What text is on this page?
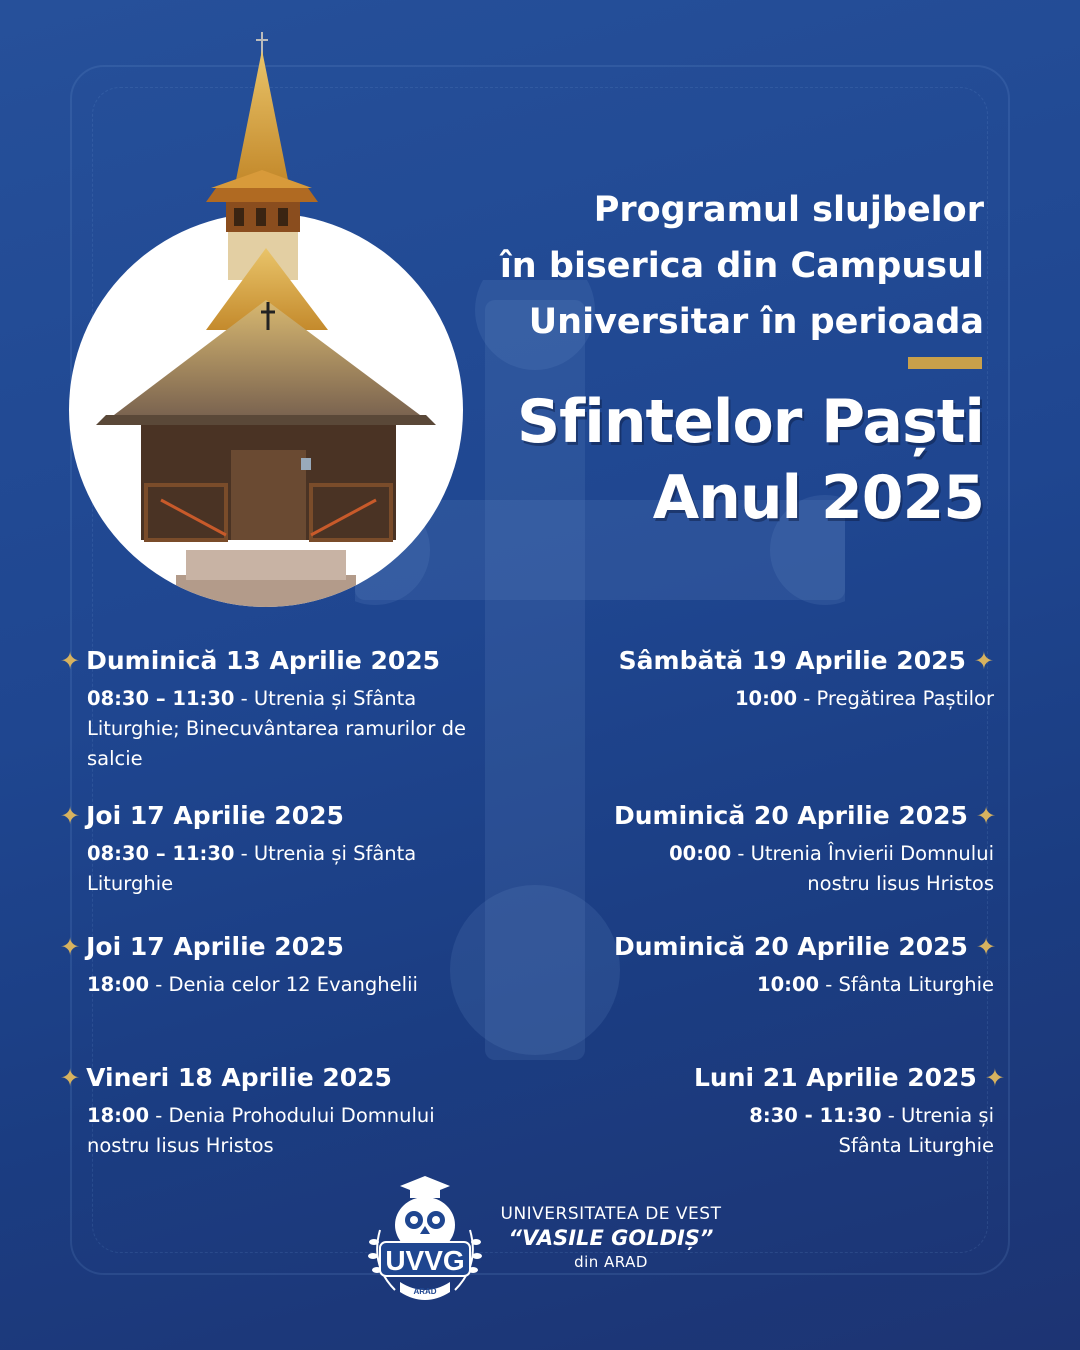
Programul slujbelor
în biserica din Campusul
Universitar în perioada
Sfintelor Paști
Anul 2025
✦ Duminică 13 Aprilie 2025
08:30 – 11:30 - Utrenia și Sfânta Liturghie; Binecuvântarea ramurilor de salcie
✦ Joi 17 Aprilie 2025
08:30 – 11:30 - Utrenia și Sfânta Liturghie
✦ Joi 17 Aprilie 2025
18:00 - Denia celor 12 Evanghelii
✦ Vineri 18 Aprilie 2025
18:00 - Denia Prohodului Domnului nostru Iisus Hristos
Sâmbătă 19 Aprilie 2025 ✦
10:00 - Pregătirea Paștilor
Duminică 20 Aprilie 2025 ✦
00:00 - Utrenia Învierii Domnului nostru Iisus Hristos
Duminică 20 Aprilie 2025 ✦
10:00 - Sfânta Liturghie
Luni 21 Aprilie 2025 ✦
8:30 - 11:30 - Utrenia și Sfânta Liturghie
UVVG
ARAD
UNIVERSITATEA DE VEST
“VASILE GOLDIȘ”
din ARAD
